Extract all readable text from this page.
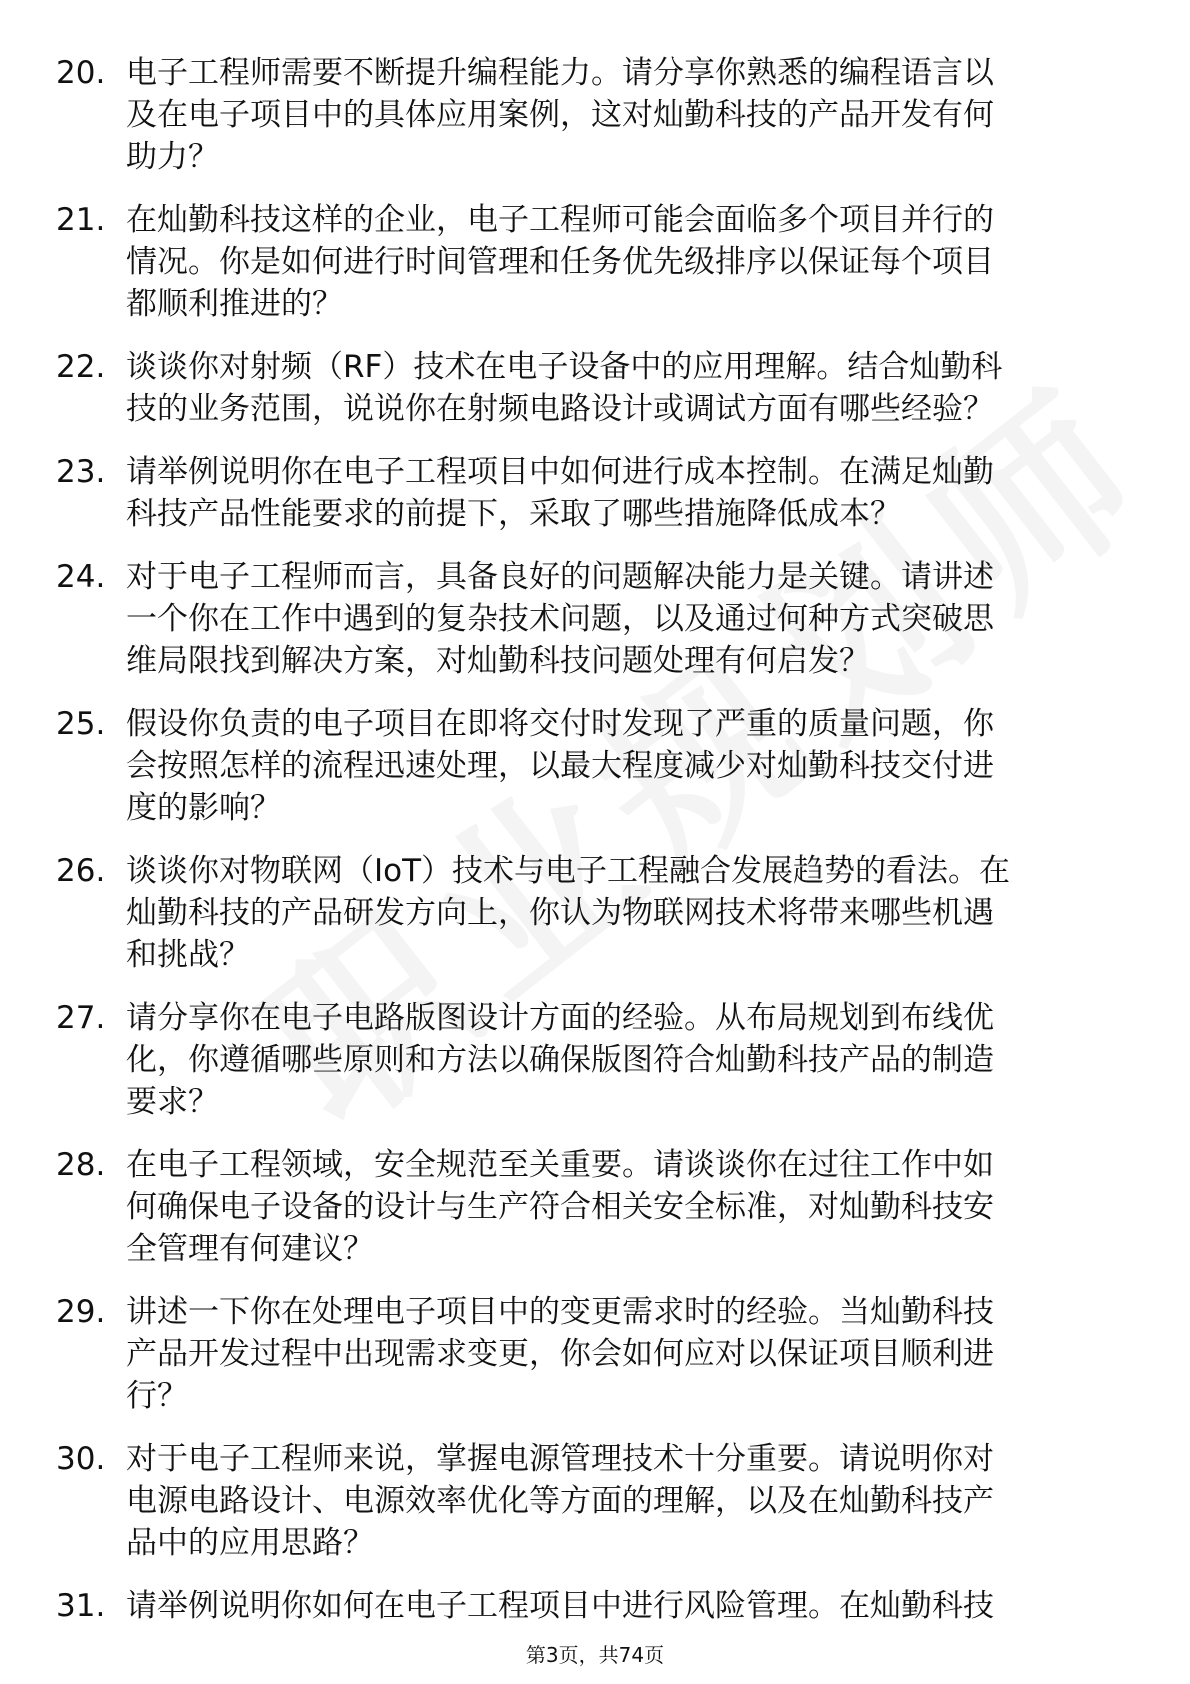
20. 电子工程师需要不断提升编程能力。请分享你熟悉的编程语言以
及在电子项目中的具体应用案例，这对灿勤科技的产品开发有何
助力？
21. 在灿勤科技这样的企业，电子工程师可能会面临多个项目并行的
情况。你是如何进行时间管理和任务优先级排序以保证每个项目
都顺利推进的？
22. 谈谈你对射频（RF）技术在电子设备中的应用理解。结合灿勤科
技的业务范围，说说你在射频电路设计或调试方面有哪些经验？
23. 请举例说明你在电子工程项目中如何进行成本控制。在满足灿勤
科技产品性能要求的前提下，采取了哪些措施降低成本？
24. 对于电子工程师而言，具备良好的问题解决能力是关键。请讲述
一个你在工作中遇到的复杂技术问题，以及通过何种方式突破思
维局限找到解决方案，对灿勤科技问题处理有何启发？
25. 假设你负责的电子项目在即将交付时发现了严重的质量问题，你
会按照怎样的流程迅速处理，以最大程度减少对灿勤科技交付进
度的影响？
26. 谈谈你对物联网（IoT）技术与电子工程融合发展趋势的看法。在
灿勤科技的产品研发方向上，你认为物联网技术将带来哪些机遇
和挑战？
27. 请分享你在电子电路版图设计方面的经验。从布局规划到布线优
化，你遵循哪些原则和方法以确保版图符合灿勤科技产品的制造
要求？
28. 在电子工程领域，安全规范至关重要。请谈谈你在过往工作中如
何确保电子设备的设计与生产符合相关安全标准，对灿勤科技安
全管理有何建议？
29. 讲述一下你在处理电子项目中的变更需求时的经验。当灿勤科技
产品开发过程中出现需求变更，你会如何应对以保证项目顺利进
行？
30. 对于电子工程师来说，掌握电源管理技术十分重要。请说明你对
电源电路设计、电源效率优化等方面的理解，以及在灿勤科技产
品中的应用思路？
31. 请举例说明你如何在电子工程项目中进行风险管理。在灿勤科技
第3页，共74页
